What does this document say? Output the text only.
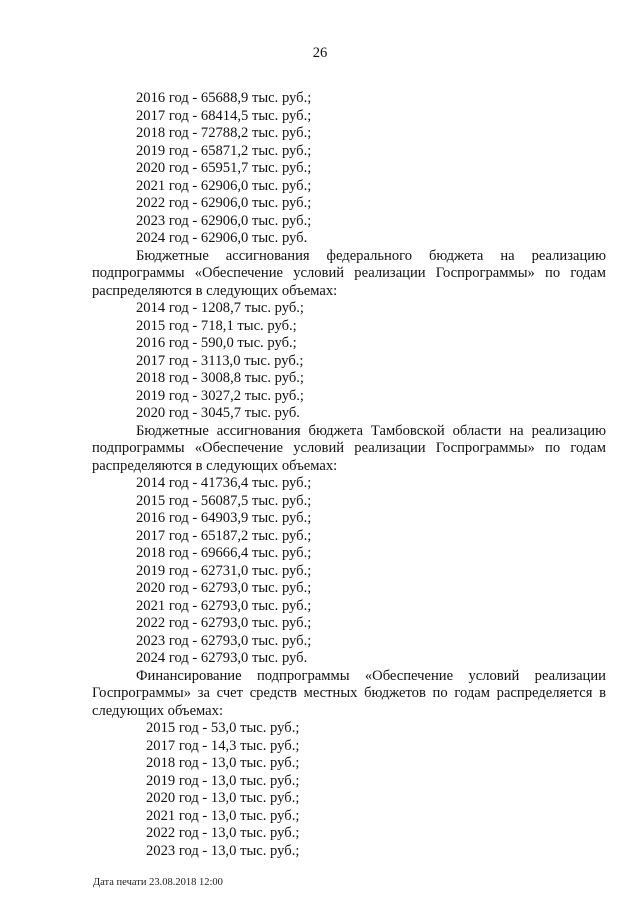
26
2016 год - 65688,9 тыс. руб.;
2017 год - 68414,5 тыс. руб.;
2018 год - 72788,2 тыс. руб.;
2019 год - 65871,2 тыс. руб.;
2020 год - 65951,7 тыс. руб.;
2021 год - 62906,0 тыс. руб.;
2022 год - 62906,0 тыс. руб.;
2023 год - 62906,0 тыс. руб.;
2024 год - 62906,0 тыс. руб.
Бюджетные ассигнования федерального бюджета на реализацию
подпрограммы «Обеспечение условий реализации Госпрограммы» по годам
распределяются в следующих объемах:
2014 год - 1208,7 тыс. руб.;
2015 год - 718,1 тыс. руб.;
2016 год - 590,0 тыс. руб.;
2017 год - 3113,0 тыс. руб.;
2018 год - 3008,8 тыс. руб.;
2019 год - 3027,2 тыс. руб.;
2020 год - 3045,7 тыс. руб.
Бюджетные ассигнования бюджета Тамбовской области на реализацию
подпрограммы «Обеспечение условий реализации Госпрограммы» по годам
распределяются в следующих объемах:
2014 год - 41736,4 тыс. руб.;
2015 год - 56087,5 тыс. руб.;
2016 год - 64903,9 тыс. руб.;
2017 год - 65187,2 тыс. руб.;
2018 год - 69666,4 тыс. руб.;
2019 год - 62731,0 тыс. руб.;
2020 год - 62793,0 тыс. руб.;
2021 год - 62793,0 тыс. руб.;
2022 год - 62793,0 тыс. руб.;
2023 год - 62793,0 тыс. руб.;
2024 год - 62793,0 тыс. руб.
Финансирование подпрограммы «Обеспечение условий реализации
Госпрограммы» за счет средств местных бюджетов по годам распределяется в
следующих объемах:
2015 год - 53,0 тыс. руб.;
2017 год - 14,3 тыс. руб.;
2018 год - 13,0 тыс. руб.;
2019 год - 13,0 тыс. руб.;
2020 год - 13,0 тыс. руб.;
2021 год - 13,0 тыс. руб.;
2022 год - 13,0 тыс. руб.;
2023 год - 13,0 тыс. руб.;
Дата печати 23.08.2018 12:00
